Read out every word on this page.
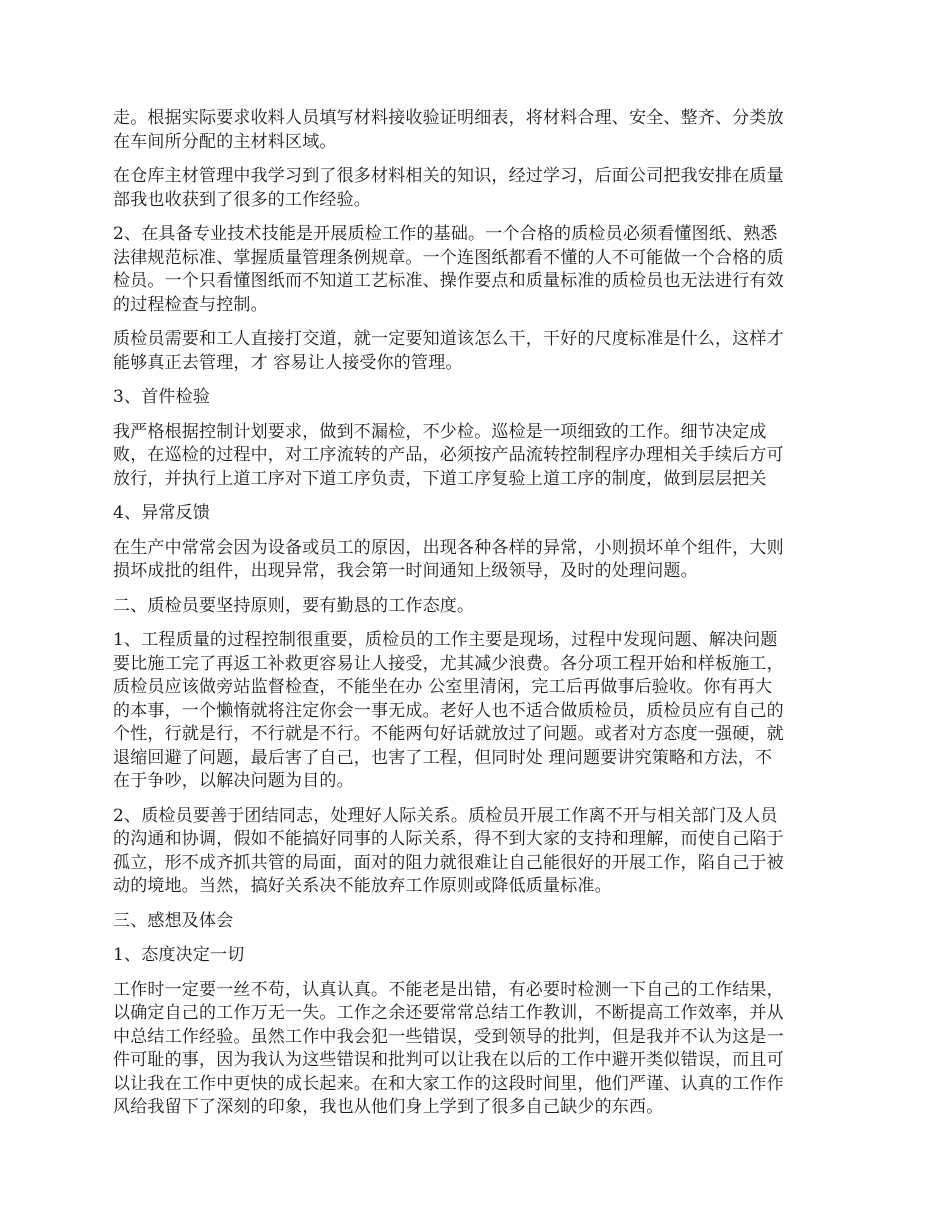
走。根据实际要求收料人员填写材料接收验证明细表，将材料合理、安全、整齐、分类放
在车间所分配的主材料区域。

在仓库主材管理中我学习到了很多材料相关的知识，经过学习，后面公司把我安排在质量
部我也收获到了很多的工作经验。

2、在具备专业技术技能是开展质检工作的基础。一个合格的质检员必须看懂图纸、熟悉
法律规范标准、掌握质量管理条例规章。一个连图纸都看不懂的人不可能做一个合格的质
检员。一个只看懂图纸而不知道工艺标准、操作要点和质量标准的质检员也无法进行有效
的过程检查与控制。

质检员需要和工人直接打交道，就一定要知道该怎么干，干好的尺度标准是什么，这样才
能够真正去管理，才 容易让人接受你的管理。

3、首件检验

我严格根据控制计划要求，做到不漏检，不少检。巡检是一项细致的工作。细节决定成
败，在巡检的过程中，对工序流转的产品，必须按产品流转控制程序办理相关手续后方可
放行，并执行上道工序对下道工序负责，下道工序复验上道工序的制度，做到层层把关

4、异常反馈

在生产中常常会因为设备或员工的原因，出现各种各样的异常，小则损坏单个组件，大则
损坏成批的组件，出现异常，我会第一时间通知上级领导，及时的处理问题。

二、质检员要坚持原则，要有勤恳的工作态度。

1、工程质量的过程控制很重要，质检员的工作主要是现场，过程中发现问题、解决问题
要比施工完了再返工补救更容易让人接受，尤其减少浪费。各分项工程开始和样板施工，
质检员应该做旁站监督检查，不能坐在办 公室里清闲，完工后再做事后验收。你有再大
的本事，一个懒惰就将注定你会一事无成。老好人也不适合做质检员，质检员应有自己的
个性，行就是行，不行就是不行。不能两句好话就放过了问题。或者对方态度一强硬，就
退缩回避了问题，最后害了自己，也害了工程，但同时处 理问题要讲究策略和方法，不
在于争吵，以解决问题为目的。

2、质检员要善于团结同志，处理好人际关系。质检员开展工作离不开与相关部门及人员
的沟通和协调，假如不能搞好同事的人际关系，得不到大家的支持和理解，而使自己陷于
孤立，形不成齐抓共管的局面，面对的阻力就很难让自己能很好的开展工作，陷自己于被
动的境地。当然，搞好关系决不能放弃工作原则或降低质量标准。

三、感想及体会

1、态度决定一切

工作时一定要一丝不苟，认真认真。不能老是出错，有必要时检测一下自己的工作结果，
以确定自己的工作万无一失。工作之余还要常常总结工作教训，不断提高工作效率，并从
中总结工作经验。虽然工作中我会犯一些错误，受到领导的批判，但是我并不认为这是一
件可耻的事，因为我认为这些错误和批判可以让我在以后的工作中避开类似错误，而且可
以让我在工作中更快的成长起来。在和大家工作的这段时间里，他们严谨、认真的工作作
风给我留下了深刻的印象，我也从他们身上学到了很多自己缺少的东西。
